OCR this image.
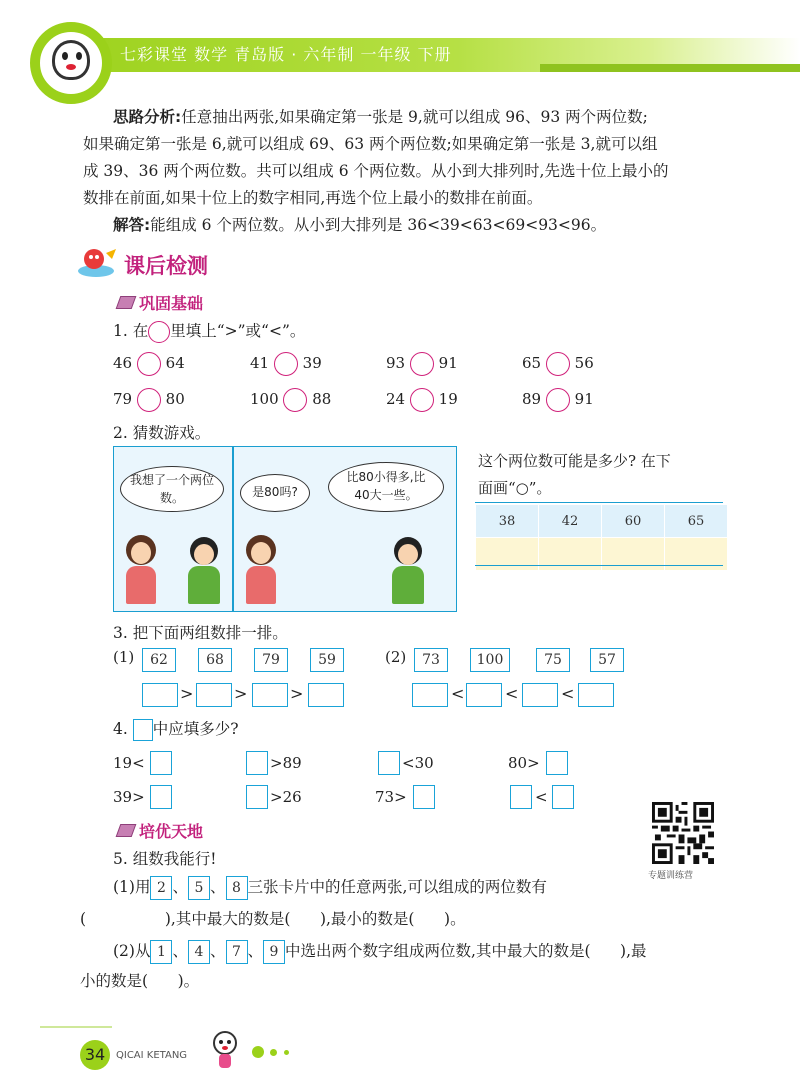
七彩课堂 数学 青岛版 · 六年制 一年级 下册
思路分析:任意抽出两张,如果确定第一张是 9,就可以组成 96、93 两个两位数;
如果确定第一张是 6,就可以组成 69、63 两个两位数;如果确定第一张是 3,就可以组
成 39、36 两个两位数。共可以组成 6 个两位数。从小到大排列时,先选十位上最小的
数排在前面,如果十位上的数字相同,再选个位上最小的数排在前面。
解答:能组成 6 个两位数。从小到大排列是 36<39<63<69<93<96。
课后检测
巩固基础
1. 在 里填上“>”或“<”。
46 64	41 39	93 91	65 56
79 80	100 88	24 19	89 91
2. 猜数游戏。
我想了一个两位数。	是80吗?
比80小得多,比40大一些。
这个两位数可能是多少? 在下
面画“○”。
38	42	60	65

3. 把下面两组数排一排。
(1)	62	68	79	59	(2)	73	100	75	57
>	>	>	<	<	<
4. 中应填多少?
19<	>89	<30	80>
39>	>26	73>	<
专题训练营
培优天地
5. 组数我能行!
(1)用 2 、 5 、 8 三张卡片中的任意两张,可以组成的两位数有
(                ),其中最大的数是(      ),最小的数是(      )。
(2)从 1 、 4 、 7 、 9 中选出两个数字组成两位数,其中最大的数是(      ),最
小的数是(      )。
34	QICAI KETANG
